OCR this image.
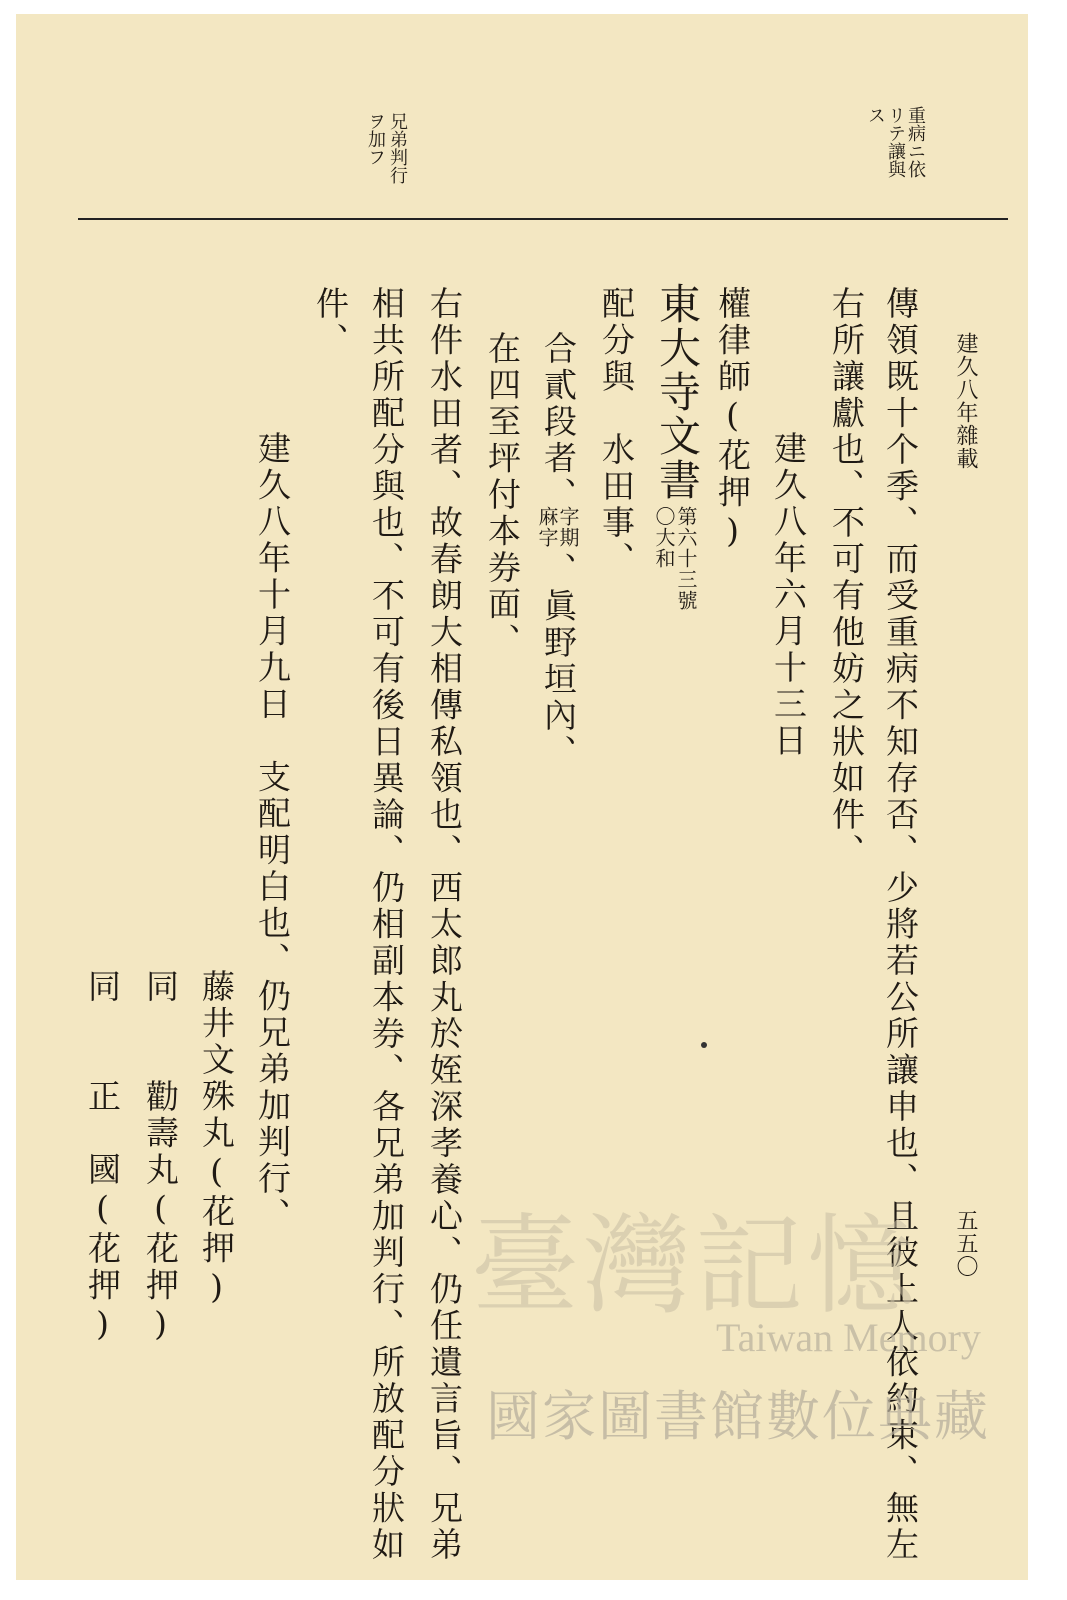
建久八年雜載
五五〇
重病ニ依
リテ讓與
ス
兄弟判行
ヲ加フ
傳領既十个季、而受重病不知存否、少將若公所讓申也、且彼上人依約束、無左
右所讓獻也、不可有他妨之狀如件、
建久八年六月十三日
權律師(花押)
東大寺文書
第六十三號
〇大和
配分與　水田事、
合貳段者、
字期
麻字
、眞野垣內、
在四至坪付本券面、
右件水田者、故春朗大相傳私領也、西太郎丸於姪深孝養心、仍任遺言旨、兄弟
相共所配分與也、不可有後日異論、仍相副本券、各兄弟加判行、所放配分狀如
件、
建久八年十月九日　支配明白也、仍兄弟加判行、
藤井文殊丸(花押)
同
勸壽丸(花押)
同
正　國(花押)	臺灣記憶
Taiwan Memory
國家圖書館數位典藏
